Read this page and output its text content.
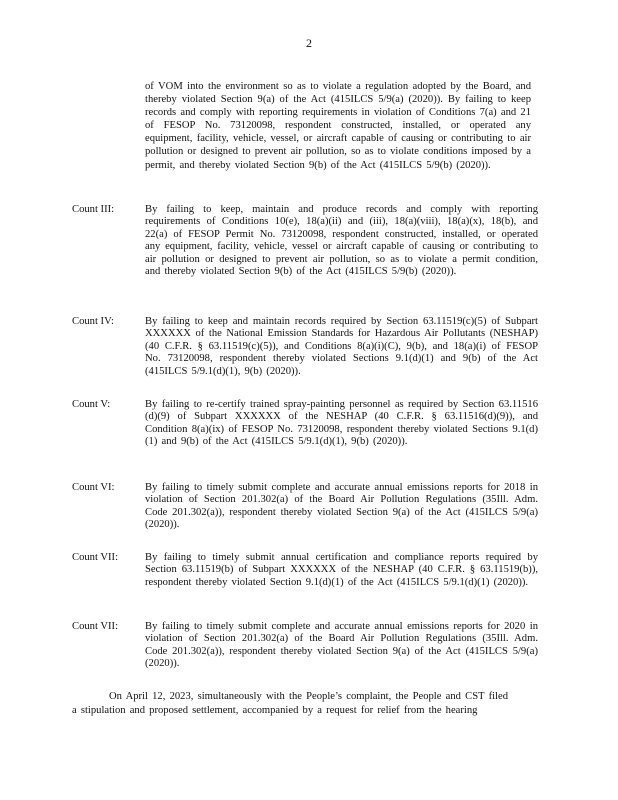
2
of VOM into the environment so as to violate a regulation adopted by the Board, and thereby violated Section 9(a) of the Act (415ILCS 5/9(a) (2020)). By failing to keep records and comply with reporting requirements in violation of Conditions 7(a) and 21 of FESOP No. 73120098, respondent constructed, installed, or operated any equipment, facility, vehicle, vessel, or aircraft capable of causing or contributing to air pollution or designed to prevent air pollution, so as to violate conditions imposed by a permit, and thereby violated Section 9(b) of the Act (415ILCS 5/9(b) (2020)).
Count III:	By failing to keep, maintain and produce records and comply with reporting requirements of Conditions 10(e), 18(a)(ii) and (iii), 18(a)(viii), 18(a)(x), 18(b), and 22(a) of FESOP Permit No. 73120098, respondent constructed, installed, or operated any equipment, facility, vehicle, vessel or aircraft capable of causing or contributing to air pollution or designed to prevent air pollution, so as to violate a permit condition, and thereby violated Section 9(b) of the Act (415ILCS 5/9(b) (2020)).
Count IV:	By failing to keep and maintain records required by Section 63.11519(c)(5) of Subpart XXXXXX of the National Emission Standards for Hazardous Air Pollutants (NESHAP) (40 C.F.R. § 63.11519(c)(5)), and Conditions 8(a)(i)(C), 9(b), and 18(a)(i) of FESOP No. 73120098, respondent thereby violated Sections 9.1(d)(1) and 9(b) of the Act (415ILCS 5/9.1(d)(1), 9(b) (2020)).
Count V:	By failing to re-certify trained spray-painting personnel as required by Section 63.11516 (d)(9) of Subpart XXXXXX of the NESHAP (40 C.F.R. § 63.11516(d)(9)), and Condition 8(a)(ix) of FESOP No. 73120098, respondent thereby violated Sections 9.1(d)(1) and 9(b) of the Act (415ILCS 5/9.1(d)(1), 9(b) (2020)).
Count VI:	By failing to timely submit complete and accurate annual emissions reports for 2018 in violation of Section 201.302(a) of the Board Air Pollution Regulations (35Ill. Adm. Code 201.302(a)), respondent thereby violated Section 9(a) of the Act (415ILCS 5/9(a) (2020)).
Count VII:	By failing to timely submit annual certification and compliance reports required by Section 63.11519(b) of Subpart XXXXXX of the NESHAP (40 C.F.R. § 63.11519(b)), respondent thereby violated Section 9.1(d)(1) of the Act (415ILCS 5/9.1(d)(1) (2020)).
Count VII:	By failing to timely submit complete and accurate annual emissions reports for 2020 in violation of Section 201.302(a) of the Board Air Pollution Regulations (35Ill. Adm. Code 201.302(a)), respondent thereby violated Section 9(a) of the Act (415ILCS 5/9(a) (2020)).
On April 12, 2023, simultaneously with the People’s complaint, the People and CST filed a stipulation and proposed settlement, accompanied by a request for relief from the hearing
